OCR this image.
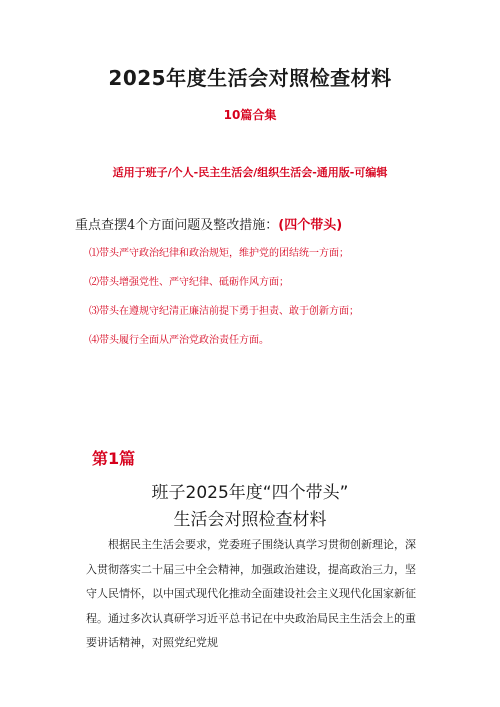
2025年度生活会对照检查材料
10篇合集
适用于班子/个人-民主生活会/组织生活会-通用版-可编辑
重点查摆4个方面问题及整改措施：(四个带头)
⑴带头严守政治纪律和政治规矩，维护党的团结统一方面；
⑵带头增强党性、严守纪律、砥砺作风方面；
⑶带头在遵规守纪清正廉洁前提下勇于担责、敢于创新方面；
⑷带头履行全面从严治党政治责任方面。
第1篇
班子2025年度“四个带头”
生活会对照检查材料
根据民主生活会要求，党委班子围绕认真学习贯彻创新理论，深入贯彻落实二十届三中全会精神，加强政治建设，提高政治三力，坚守人民情怀，以中国式现代化推动全面建设社会主义现代化国家新征程。通过多次认真研学习近平总书记在中央政治局民主生活会上的重要讲话精神，对照党纪党规
